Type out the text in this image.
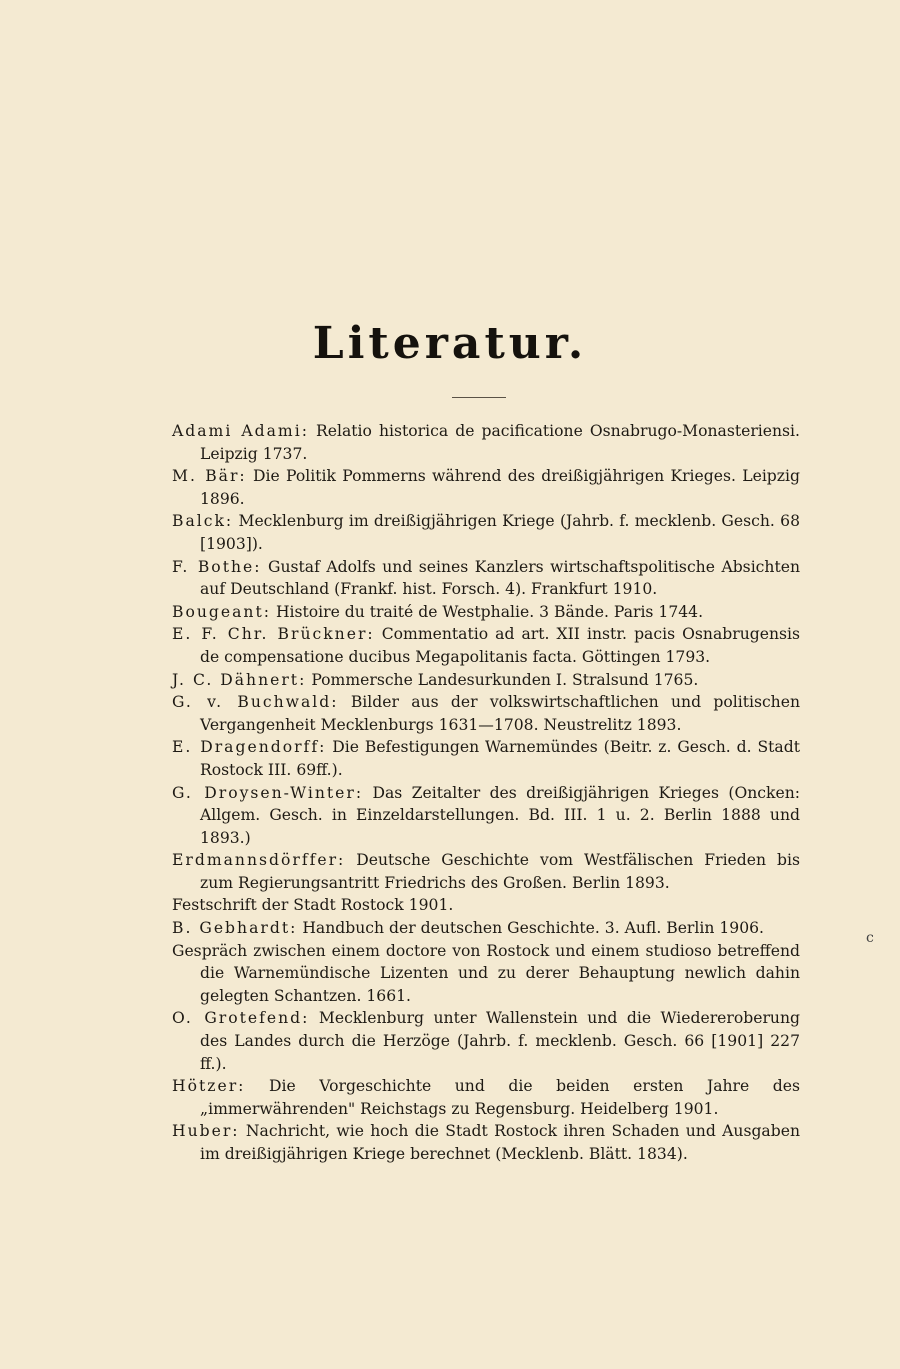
Literatur.
Adami Adami: Relatio historica de pacificatione Osnabrugo-Monasteriensi. Leipzig 1737.
M. Bär: Die Politik Pommerns während des dreißigjährigen Krieges. Leipzig 1896.
Balck: Mecklenburg im dreißigjährigen Kriege (Jahrb. f. mecklenb. Gesch. 68 [1903]).
F. Bothe: Gustaf Adolfs und seines Kanzlers wirtschaftspolitische Absichten auf Deutschland (Frankf. hist. Forsch. 4). Frankfurt 1910.
Bougeant: Histoire du traité de Westphalie. 3 Bände. Paris 1744.
E. F. Chr. Brückner: Commentatio ad art. XII instr. pacis Osnabrugensis de compensatione ducibus Megapolitanis facta. Göttingen 1793.
J. C. Dähnert: Pommersche Landesurkunden I. Stralsund 1765.
G. v. Buchwald: Bilder aus der volkswirtschaftlichen und politischen Vergangenheit Mecklenburgs 1631—1708. Neustrelitz 1893.
E. Dragendorff: Die Befestigungen Warnemündes (Beitr. z. Gesch. d. Stadt Rostock III. 69ff.).
G. Droysen-Winter: Das Zeitalter des dreißigjährigen Krieges (Oncken: Allgem. Gesch. in Einzeldarstellungen. Bd. III. 1 u. 2. Berlin 1888 und 1893.)
Erdmannsdörffer: Deutsche Geschichte vom Westfälischen Frieden bis zum Regierungsantritt Friedrichs des Großen. Berlin 1893.
Festschrift der Stadt Rostock 1901.
B. Gebhardt: Handbuch der deutschen Geschichte. 3. Aufl. Berlin 1906.
Gespräch zwischen einem doctore von Rostock und einem studioso betreffend die Warnemündische Lizenten und zu derer Behauptung newlich dahin gelegten Schantzen. 1661.
O. Grotefend: Mecklenburg unter Wallenstein und die Wiedereroberung des Landes durch die Herzöge (Jahrb. f. mecklenb. Gesch. 66 [1901] 227 ff.).
Hötzer: Die Vorgeschichte und die beiden ersten Jahre des „immerwährenden" Reichstags zu Regensburg. Heidelberg 1901.
Huber: Nachricht, wie hoch die Stadt Rostock ihren Schaden und Ausgaben im dreißigjährigen Kriege berechnet (Mecklenb. Blätt. 1834).
c
